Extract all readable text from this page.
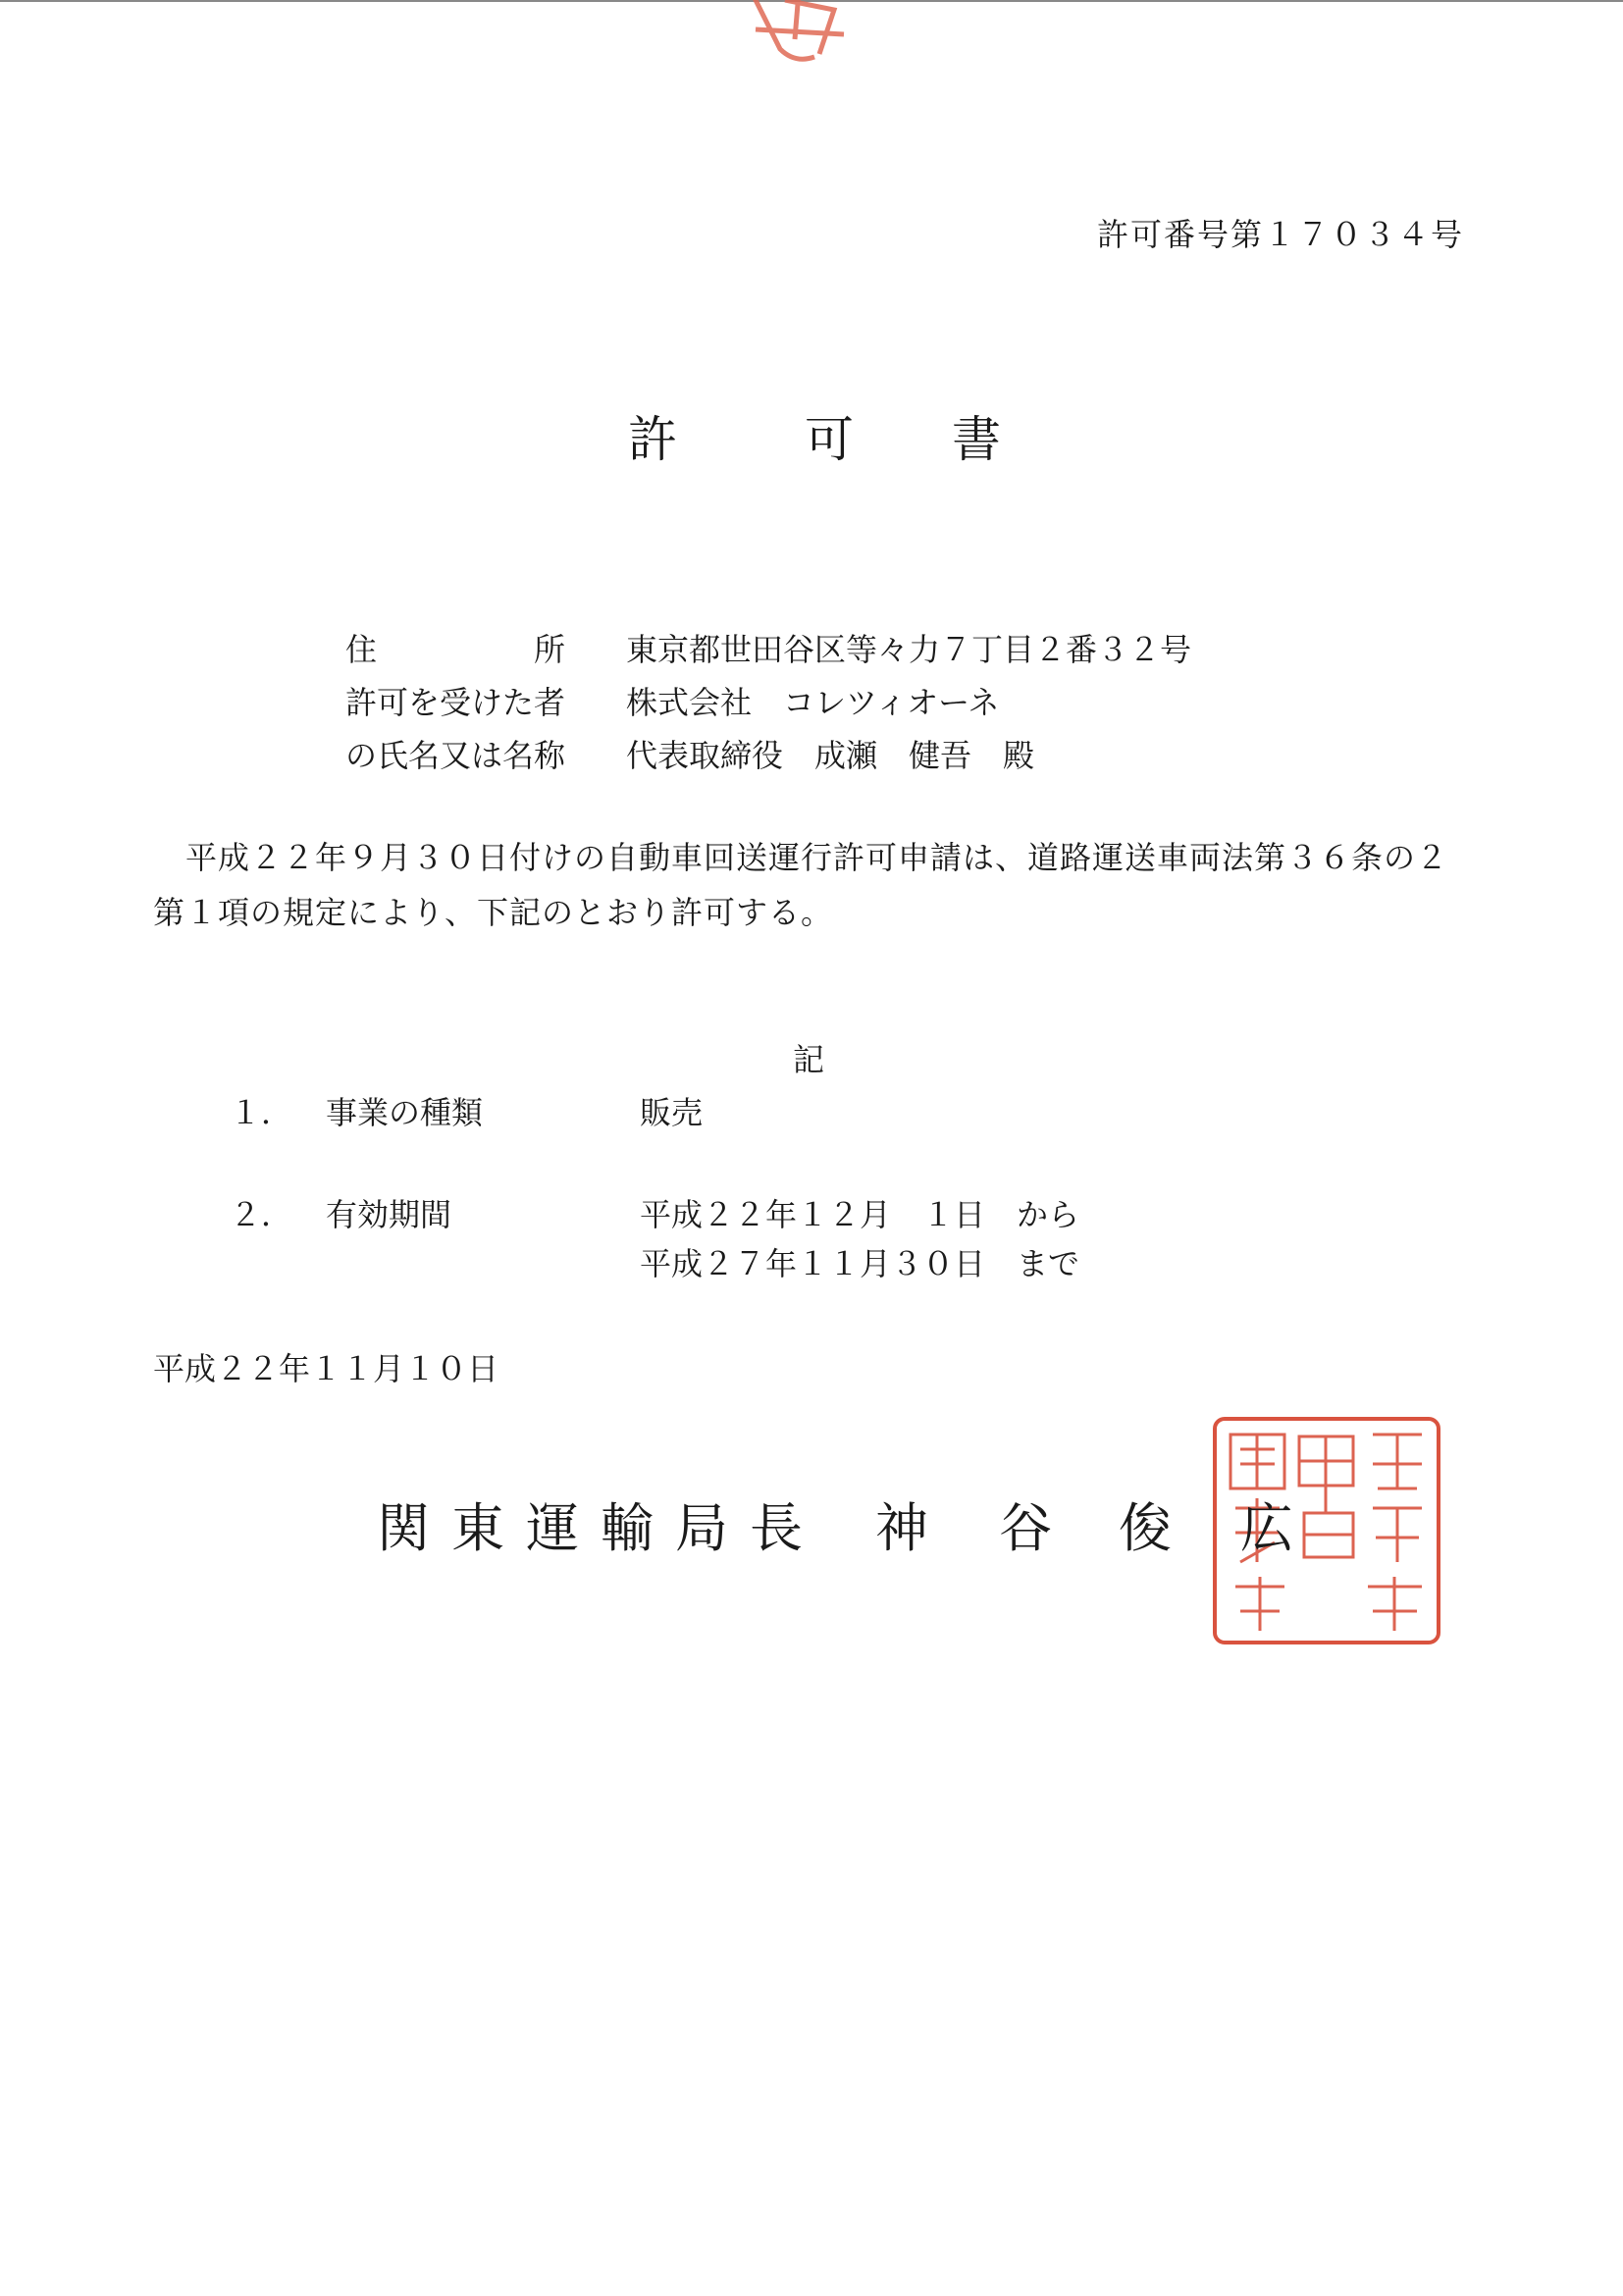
許可番号第１７０３４号
許	可 書
住　　　　　所	東京都世田谷区等々力７丁目２番３２号
許可を受けた者	株式会社　コレツィオーネ
の氏名又は名称	代表取締役　成瀬　健吾　殿
　平成２２年９月３０日付けの自動車回送運行許可申請は、道路運送車両法第３６条の２第１項の規定により、下記のとおり許可する。
記
１． 事業の種類	販売
２． 有効期間	平成２２年１２月　１日　から
平成２７年１１月３０日　まで
平成２２年１１月１０日
関 東 運 輸 局 長 神 谷 俊 広
